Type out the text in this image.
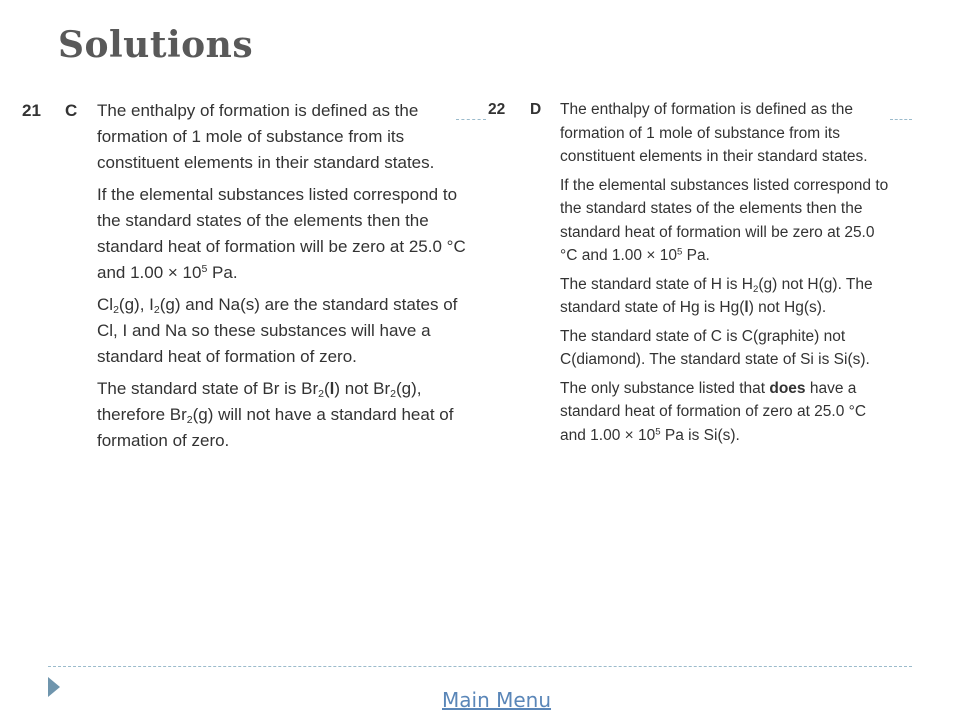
Solutions
21 C The enthalpy of formation is defined as the formation of 1 mole of substance from its constituent elements in their standard states.

If the elemental substances listed correspond to the standard states of the elements then the standard heat of formation will be zero at 25.0 °C and $1.00 \times 10^5$ Pa.

$Cl_2(g)$, $I_2(g)$ and Na(s) are the standard states of Cl, I and Na so these substances will have a standard heat of formation of zero.

The standard state of Br is $Br_2(l)$ not $Br_2(g)$, therefore $Br_2(g)$ will not have a standard heat of formation of zero.

22 D The enthalpy of formation is defined as the formation of 1 mole of substance from its constituent elements in their standard states.

If the elemental substances listed correspond to the standard states of the elements then the standard heat of formation will be zero at 25.0 °C and $1.00 \times 10^5$ Pa.

The standard state of H is $H_2(g)$ not H(g). The standard state of Hg is Hg(l) not Hg(s).

The standard state of C is C(graphite) not C(diamond). The standard state of Si is Si(s).

The only substance listed that does have a standard heat of formation of zero at 25.0 °C and $1.00 \times 10^5$ Pa is Si(s).

Main Menu
